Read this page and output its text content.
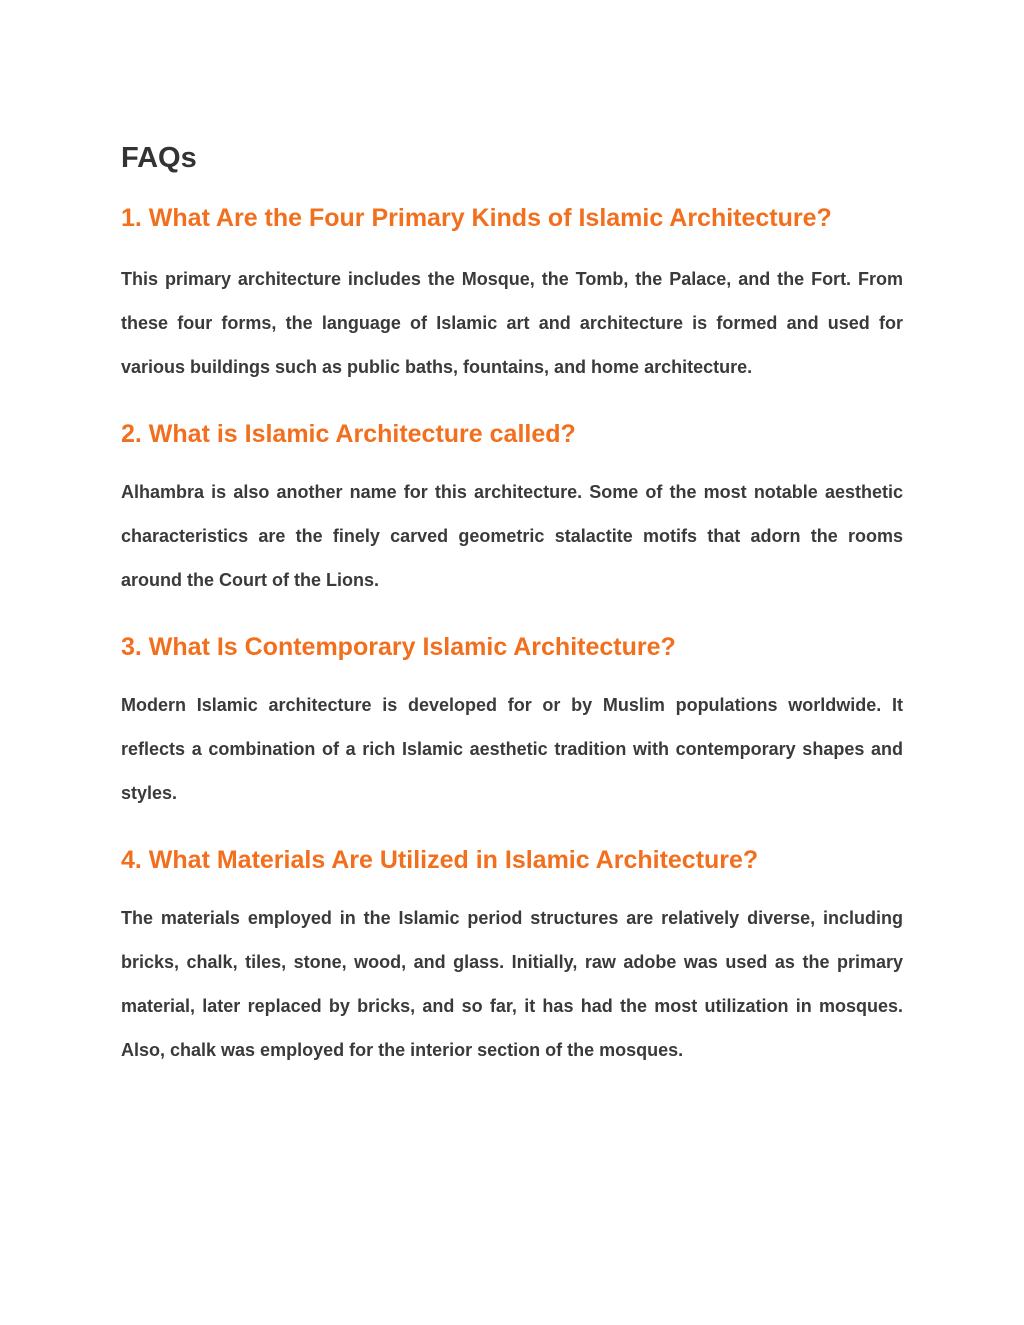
FAQs
1. What Are the Four Primary Kinds of Islamic Architecture?

This primary architecture includes the Mosque, the Tomb, the Palace, and the Fort. From these four forms, the language of Islamic art and architecture is formed and used for various buildings such as public baths, fountains, and home architecture.

2. What is Islamic Architecture called?

Alhambra is also another name for this architecture. Some of the most notable aesthetic characteristics are the finely carved geometric stalactite motifs that adorn the rooms around the Court of the Lions.

3. What Is Contemporary Islamic Architecture?

Modern Islamic architecture is developed for or by Muslim populations worldwide. It reflects a combination of a rich Islamic aesthetic tradition with contemporary shapes and styles.

4. What Materials Are Utilized in Islamic Architecture?

The materials employed in the Islamic period structures are relatively diverse, including bricks, chalk, tiles, stone, wood, and glass. Initially, raw adobe was used as the primary material, later replaced by bricks, and so far, it has had the most utilization in mosques. Also, chalk was employed for the interior section of the mosques.
